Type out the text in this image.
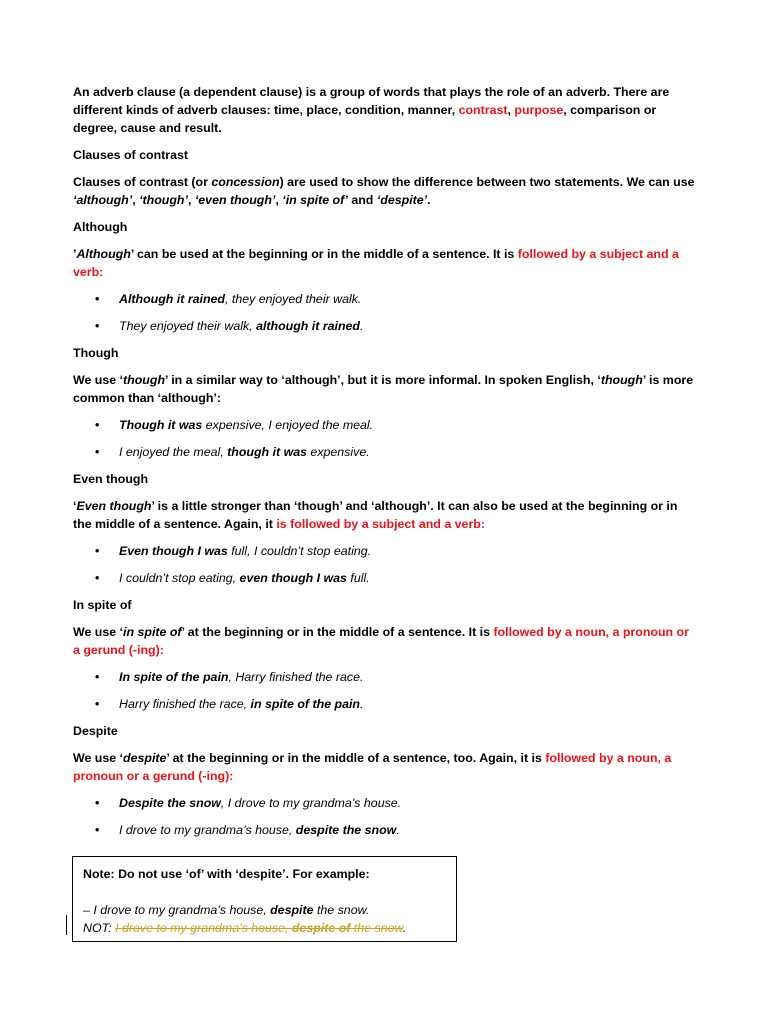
An adverb clause (a dependent clause) is a group of words that plays the role of an adverb. There are different kinds of adverb clauses: time, place, condition, manner, contrast, purpose, comparison or degree, cause and result.

Clauses of contrast

Clauses of contrast (or concession) are used to show the difference between two statements. We can use ‘although’, ‘though’, ‘even though’, ‘in spite of’ and ‘despite’.

Although

’Although’ can be used at the beginning or in the middle of a sentence. It is followed by a subject and a verb:

• Although it rained, they enjoyed their walk.
• They enjoyed their walk, although it rained.

Though

We use ‘though’ in a similar way to ‘although’, but it is more informal. In spoken English, ‘though’ is more common than ‘although’:

• Though it was expensive, I enjoyed the meal.
• I enjoyed the meal, though it was expensive.

Even though

‘Even though’ is a little stronger than ‘though’ and ‘although’. It can also be used at the beginning or in the middle of a sentence. Again, it is followed by a subject and a verb:

• Even though I was full, I couldn’t stop eating.
• I couldn’t stop eating, even though I was full.

In spite of

We use ‘in spite of’ at the beginning or in the middle of a sentence. It is followed by a noun, a pronoun or a gerund (-ing):

• In spite of the pain, Harry finished the race.
• Harry finished the race, in spite of the pain.

Despite

We use ‘despite’ at the beginning or in the middle of a sentence, too. Again, it is followed by a noun, a pronoun or a gerund (-ing):

• Despite the snow, I drove to my grandma’s house.
• I drove to my grandma’s house, despite the snow.

Note: Do not use ‘of’ with ‘despite’. For example:

– I drove to my grandma’s house, despite the snow.

NOT: I drove to my grandma’s house, despite of the snow.
